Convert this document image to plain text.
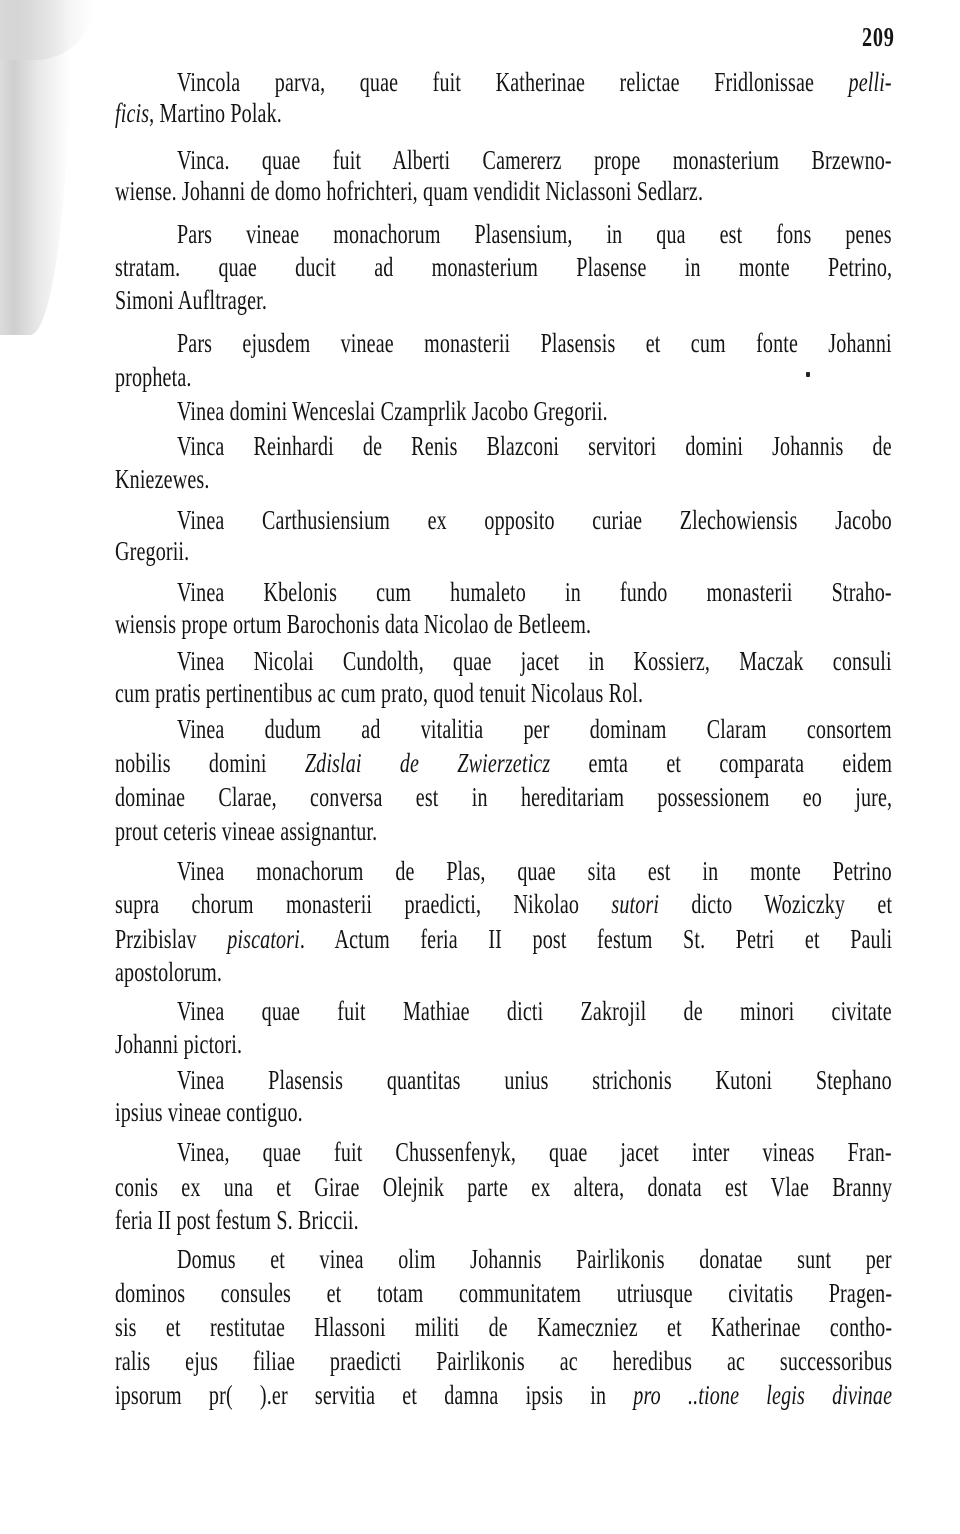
209
Vincola parva, quae fuit Katherinae relictae Fridlonissae pelli-
ficis, Martino Polak.
Vinca. quae fuit Alberti Camererz prope monasterium Brzewno-
wiense. Johanni de domo hofrichteri, quam vendidit Niclassoni Sedlarz.
Pars vineae monachorum Plasensium, in qua est fons penes
stratam. quae ducit ad monasterium Plasense in monte Petrino,
Simoni Aufltrager.
Pars ejusdem vineae monasterii Plasensis et cum fonte Johanni
propheta.
Vinea domini Wenceslai Czamprlik Jacobo Gregorii.
Vinca Reinhardi de Renis Blazconi servitori domini Johannis de
Kniezewes.
Vinea Carthusiensium ex opposito curiae Zlechowiensis Jacobo
Gregorii.
Vinea Kbelonis cum humaleto in fundo monasterii Straho-
wiensis prope ortum Barochonis data Nicolao de Betleem.
Vinea Nicolai Cundolth, quae jacet in Kossierz, Maczak consuli
cum pratis pertinentibus ac cum prato, quod tenuit Nicolaus Rol.
Vinea dudum ad vitalitia per dominam Claram consortem
nobilis domini Zdislai de Zwierzeticz emta et comparata eidem
dominae Clarae, conversa est in hereditariam possessionem eo jure,
prout ceteris vineae assignantur.
Vinea monachorum de Plas, quae sita est in monte Petrino
supra chorum monasterii praedicti, Nikolao sutori dicto Woziczky et
Przibislav piscatori. Actum feria II post festum St. Petri et Pauli
apostolorum.
Vinea quae fuit Mathiae dicti Zakrojil de minori civitate
Johanni pictori.
Vinea Plasensis quantitas unius strichonis Kutoni Stephano
ipsius vineae contiguo.
Vinea, quae fuit Chussenfenyk, quae jacet inter vineas Fran-
conis ex una et Girae Olejnik parte ex altera, donata est Vlae Branny
feria II post festum S. Briccii.
Domus et vinea olim Johannis Pairlikonis donatae sunt per
dominos consules et totam communitatem utriusque civitatis Pragen-
sis et restitutae Hlassoni militi de Kameczniez et Katherinae contho-
ralis ejus filiae praedicti Pairlikonis ac heredibus ac successoribus
ipsorum pr( ).er servitia et damna ipsis in pro ..tione legis divinae
